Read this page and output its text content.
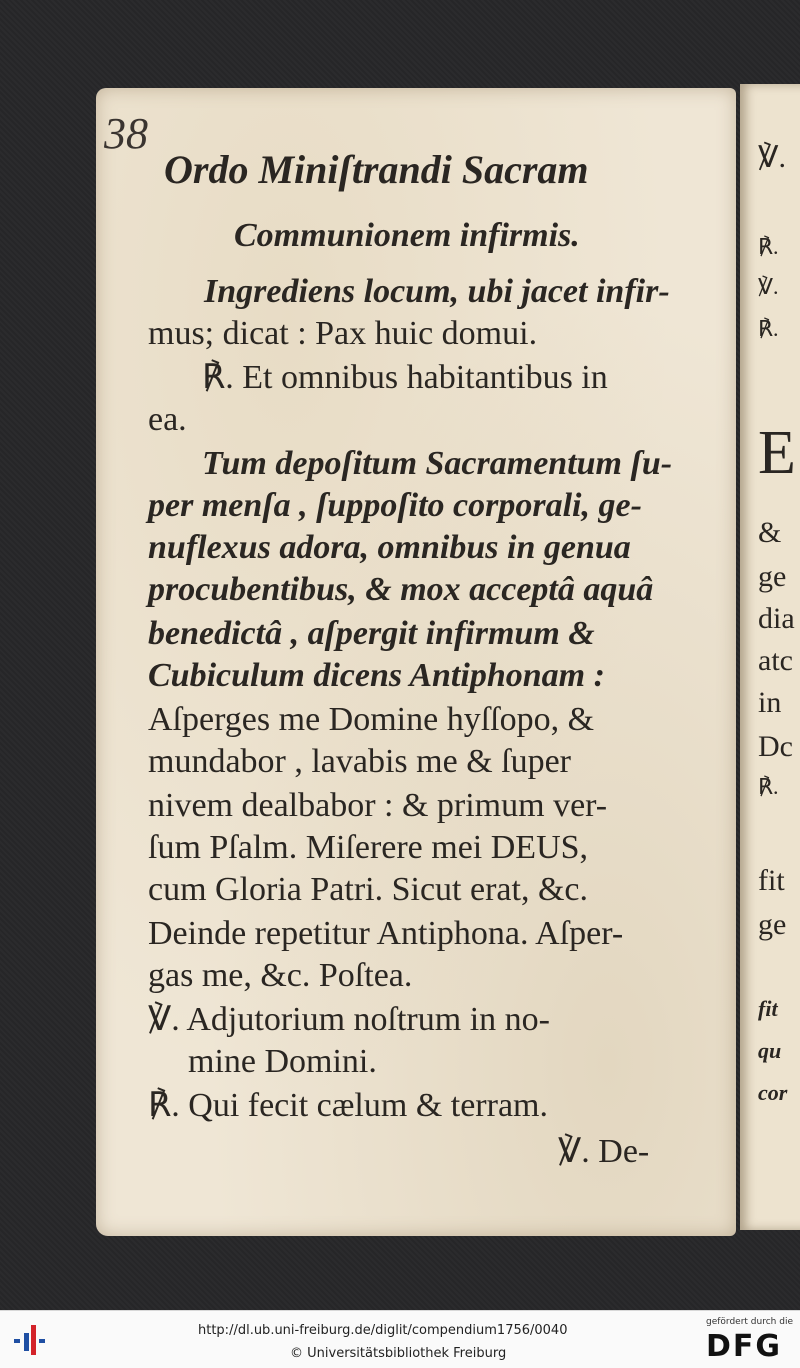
38
Ordo Miniſtrandi Sacram
Communionem infirmis.
Ingrediens locum, ubi jacet infir-
mus; dicat : Pax huic domui.
℟. Et omnibus habitantibus in
ea.
Tum depoſitum Sacramentum ſu-
per menſa , ſuppoſito corporali, ge-
nuflexus adora, omnibus in genua
procubentibus, & mox acceptâ aquâ
benedictâ , aſpergit infirmum &
Cubiculum dicens Antiphonam :
Aſperges me Domine hyſſopo, &
mundabor , lavabis me & ſuper
nivem dealbabor : & primum ver-
ſum Pſalm. Miſerere mei DEUS,
cum Gloria Patri. Sicut erat, &c.
Deinde repetitur Antiphona. Aſper-
gas me, &c. Poſtea.
℣. Adjutorium noſtrum in no-
mine Domini.
℟. Qui fecit cælum & terram.
℣. De-
℣.
℟.
℣.
℟.
E
&
ge
dia
atc
in
Dc
℟.
fit
ge
fit
qu
cor
http://dl.ub.uni-freiburg.de/diglit/compendium1756/0040
© Universitätsbibliothek Freiburg
gefördert durch die
DFG
